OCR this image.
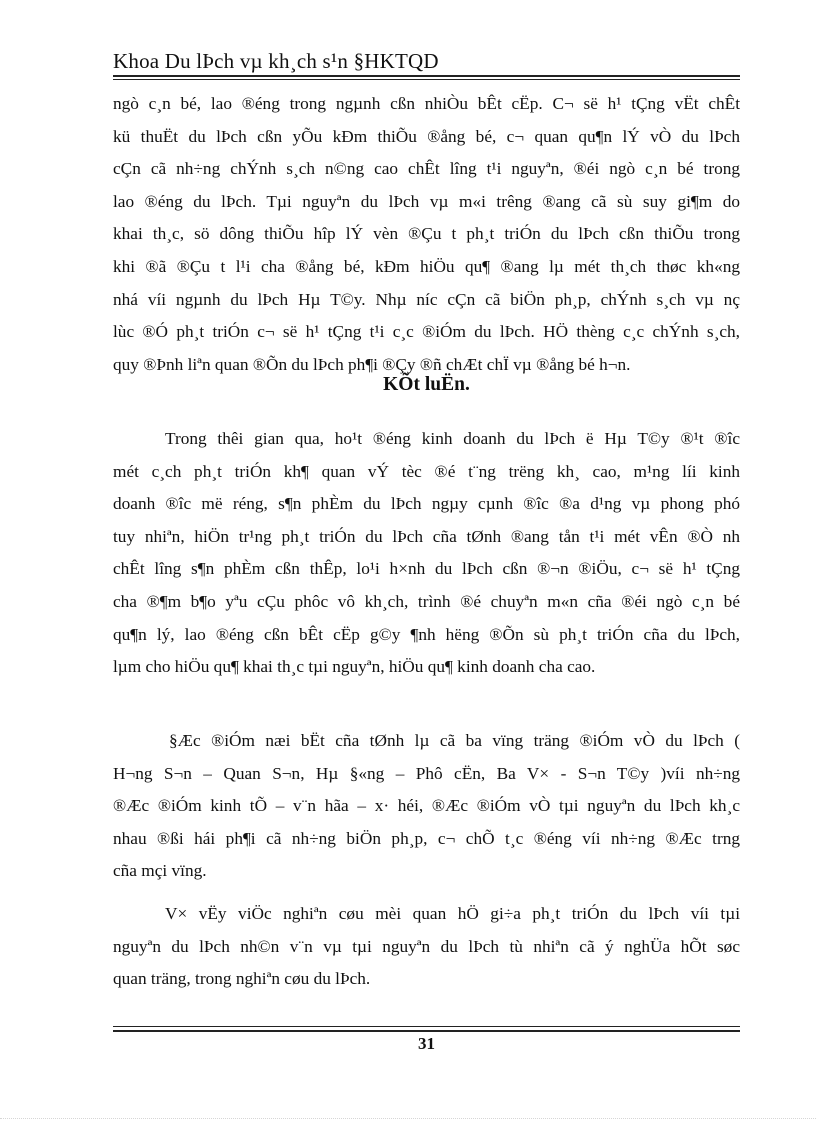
Khoa Du lÞch vµ kh¸ch s¹n §HKTQD
ngò c¸n bé, lao ®éng trong ngµnh cßn nhiÒu bÊt cËp. C¬ së h¹ tÇng vËt chÊt
kü thuËt du lÞch cßn yÕu kÐm thiÕu ®ång bé, c¬ quan qu¶n lÝ vÒ du lÞch
cÇn cã nh÷ng chÝnh s¸ch n©ng cao chÊt lîng t¹i nguyªn, ®éi ngò c¸n bé trong
lao ®éng du lÞch. Tµi nguyªn du lÞch vµ m«i trêng ®ang cã sù suy gi¶m do
khai th¸c, sö dông thiÕu hîp lÝ vèn ®Çu t ph¸t triÓn du lÞch cßn thiÕu trong
khi ®ã ®Çu t l¹i cha ®ång bé, kÐm hiÖu qu¶ ®ang lµ mét th¸ch thøc kh«ng
nhá víi ngµnh du lÞch Hµ T©y. Nhµ níc cÇn cã biÖn ph¸p, chÝnh s¸ch vµ nç
lùc ®Ó ph¸t triÓn c¬ së h¹ tÇng t¹i c¸c ®iÓm du lÞch. HÖ thèng c¸c chÝnh s¸ch,
quy ®Þnh liªn quan ®Õn du lÞch ph¶i ®Çy ®ñ chÆt chÏ vµ ®ång bé h¬n.
KÕt luËn.
Trong thêi gian qua, ho¹t ®éng kinh doanh du lÞch ë Hµ T©y ®¹t ®îc
mét c¸ch ph¸t triÓn kh¶ quan vÝ tèc ®é t¨ng trëng kh¸ cao, m¹ng líi kinh
doanh ®îc më réng, s¶n phÈm du lÞch ngµy cµnh ®îc ®a d¹ng vµ phong phó
tuy nhiªn, hiÖn tr¹ng ph¸t triÓn du lÞch cña tØnh ®ang tån t¹i mét vÊn ®Ò nh
chÊt lîng s¶n phÈm cßn thÊp, lo¹i h×nh du lÞch cßn ®¬n ®iÖu, c¬ së h¹ tÇng
cha ®¶m b¶o yªu cÇu phôc vô kh¸ch, trình ®é chuyªn m«n cña ®éi ngò c¸n bé
qu¶n lý, lao ®éng cßn bÊt cËp g©y ¶nh hëng ®Õn sù ph¸t triÓn cña du lÞch,
lµm cho hiÖu qu¶ khai th¸c tµi nguyªn, hiÖu qu¶ kinh doanh cha cao.
§Æc ®iÓm næi bËt cña tØnh lµ cã ba vïng träng ®iÓm vÒ du lÞch (
H¬ng S¬n – Quan S¬n, Hµ §«ng – Phô cËn, Ba V× - S¬n T©y )víi nh÷ng
®Æc ®iÓm kinh tÕ – v¨n hãa – x· héi, ®Æc ®iÓm vÒ tµi nguyªn du lÞch kh¸c
nhau ®ßi hái ph¶i cã nh÷ng biÖn ph¸p, c¬ chÕ t¸c ®éng víi nh÷ng ®Æc trng
cña mçi vïng.
V× vËy viÖc nghiªn cøu mèi quan hÖ gi÷a ph¸t triÓn du lÞch víi tµi
nguyªn du lÞch nh©n v¨n vµ tµi nguyªn du lÞch tù nhiªn cã ý nghÜa hÕt søc
quan träng, trong nghiªn cøu du lÞch.
31
